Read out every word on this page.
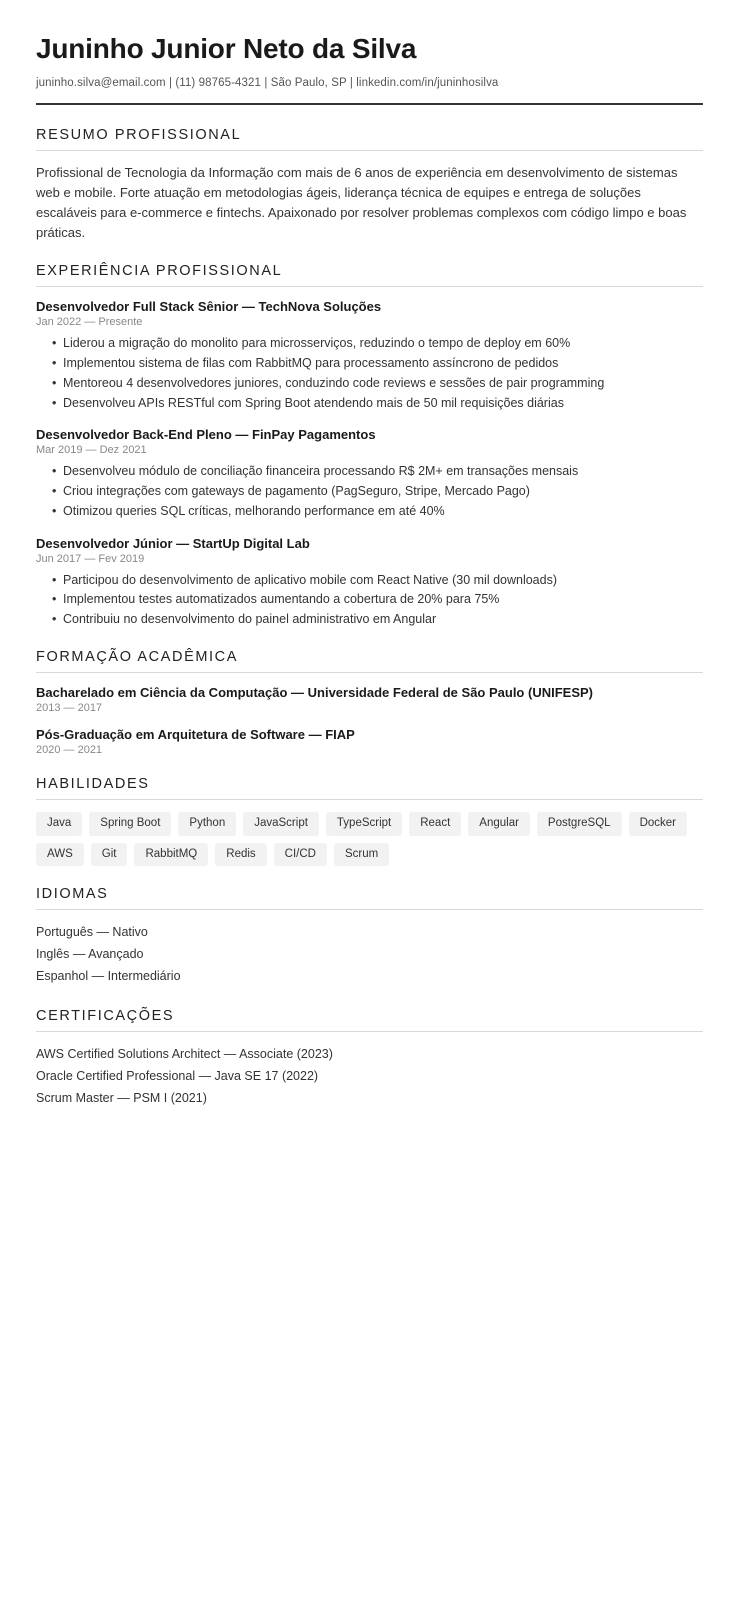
Juninho Junior Neto da Silva
juninho.silva@email.com | (11) 98765-4321 | São Paulo, SP | linkedin.com/in/juninhosilva
RESUMO PROFISSIONAL

Profissional de Tecnologia da Informação com mais de 6 anos de experiência em desenvolvimento de sistemas web e mobile. Forte atuação em metodologias ágeis, liderança técnica de equipes e entrega de soluções escaláveis para e-commerce e fintechs. Apaixonado por resolver problemas complexos com código limpo e boas práticas.

EXPERIÊNCIA PROFISSIONAL
Desenvolvedor Full Stack Sênior — TechNova Soluções
Jan 2022 — Presente
• Liderou a migração do monolito para microsserviços, reduzindo o tempo de deploy em 60%
• Implementou sistema de filas com RabbitMQ para processamento assíncrono de pedidos
• Mentoreou 4 desenvolvedores juniores, conduzindo code reviews e sessões de pair programming
• Desenvolveu APIs RESTful com Spring Boot atendendo mais de 50 mil requisições diárias
Desenvolvedor Back-End Pleno — FinPay Pagamentos
Mar 2019 — Dez 2021
• Desenvolveu módulo de conciliação financeira processando R$ 2M+ em transações mensais
• Criou integrações com gateways de pagamento (PagSeguro, Stripe, Mercado Pago)
• Otimizou queries SQL críticas, melhorando performance em até 40%
Desenvolvedor Júnior — StartUp Digital Lab
Jun 2017 — Fev 2019
• Participou do desenvolvimento de aplicativo mobile com React Native (30 mil downloads)
• Implementou testes automatizados aumentando a cobertura de 20% para 75%
• Contribuiu no desenvolvimento do painel administrativo em Angular
FORMAÇÃO ACADÊMICA
Bacharelado em Ciência da Computação — Universidade Federal de São Paulo (UNIFESP)
2013 — 2017
Pós-Graduação em Arquitetura de Software — FIAP
2020 — 2021
HABILIDADES
Java	Spring Boot	Python	JavaScript	TypeScript	React	Angular	PostgreSQL	Docker
AWS	Git	RabbitMQ	Redis	CI/CD	Scrum
IDIOMAS
Português — Nativo
Inglês — Avançado
Espanhol — Intermediário
CERTIFICAÇÕES
AWS Certified Solutions Architect — Associate (2023)
Oracle Certified Professional — Java SE 17 (2022)
Scrum Master — PSM I (2021)
